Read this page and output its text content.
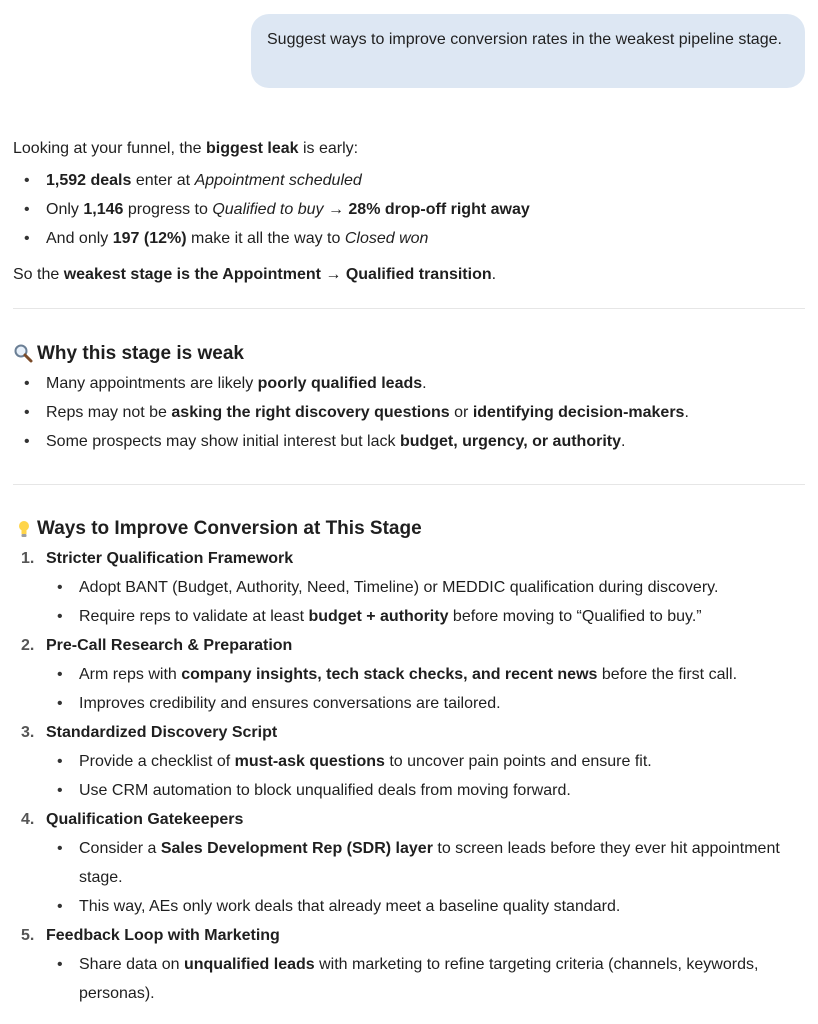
Suggest ways to improve conversion rates in the weakest pipeline stage.

Looking at your funnel, the biggest leak is early:

• 1,592 deals enter at Appointment scheduled
• Only 1,146 progress to Qualified to buy → 28% drop-off right away
• And only 197 (12%) make it all the way to Closed won

So the weakest stage is the Appointment → Qualified transition.

Why this stage is weak
• Many appointments are likely poorly qualified leads.
• Reps may not be asking the right discovery questions or identifying decision-makers.
• Some prospects may show initial interest but lack budget, urgency, or authority.
Ways to Improve Conversion at This Stage
1. Stricter Qualification Framework
• Adopt BANT (Budget, Authority, Need, Timeline) or MEDDIC qualification during discovery.
• Require reps to validate at least budget + authority before moving to “Qualified to buy.”
2. Pre-Call Research & Preparation
• Arm reps with company insights, tech stack checks, and recent news before the first call.
• Improves credibility and ensures conversations are tailored.
3. Standardized Discovery Script
• Provide a checklist of must-ask questions to uncover pain points and ensure fit.
• Use CRM automation to block unqualified deals from moving forward.
4. Qualification Gatekeepers
• Consider a Sales Development Rep (SDR) layer to screen leads before they ever hit appointment stage.
• This way, AEs only work deals that already meet a baseline quality standard.
5. Feedback Loop with Marketing
• Share data on unqualified leads with marketing to refine targeting criteria (channels, keywords, personas).
